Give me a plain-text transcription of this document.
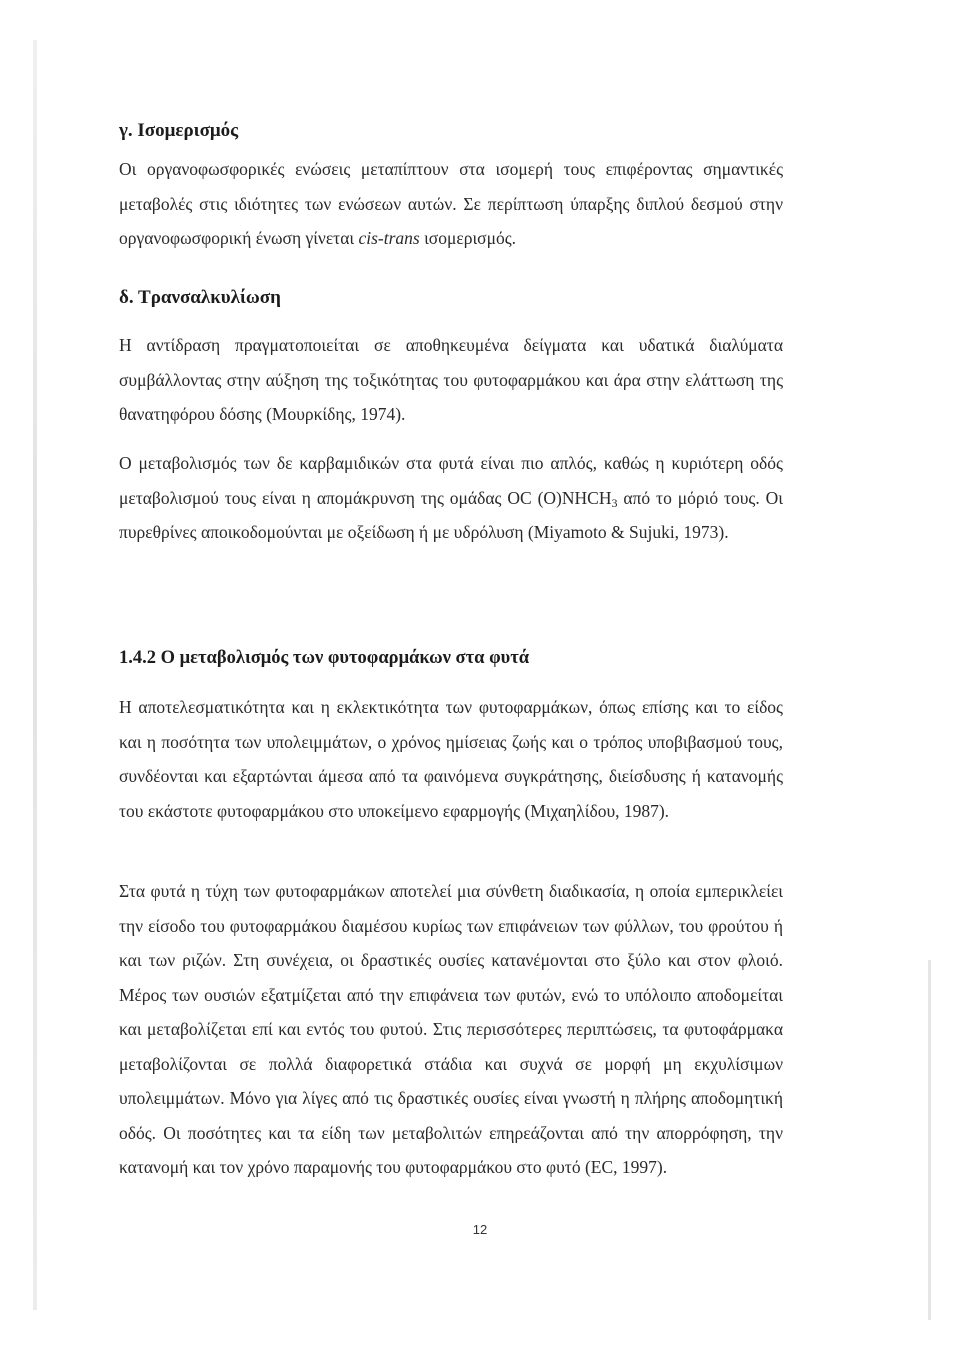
γ. Ισομερισμός

Οι οργανοφωσφορικές ενώσεις μεταπίπτουν στα ισομερή τους επιφέροντας σημαντικές μεταβολές στις ιδιότητες των ενώσεων αυτών. Σε περίπτωση ύπαρξης διπλού δεσμού στην οργανοφωσφορική ένωση γίνεται cis-trans ισομερισμός.

δ. Τρανσαλκυλίωση

Η αντίδραση πραγματοποιείται σε αποθηκευμένα δείγματα και υδατικά διαλύματα συμβάλλοντας στην αύξηση της τοξικότητας του φυτοφαρμάκου και άρα στην ελάττωση της θανατηφόρου δόσης (Μουρκίδης, 1974).

Ο μεταβολισμός των δε καρβαμιδικών στα φυτά είναι πιο απλός, καθώς η κυριότερη οδός μεταβολισμού τους είναι η απομάκρυνση της ομάδας OC $(O)NHCH_3$ από το μόριό τους. Οι πυρεθρίνες αποικοδομούνται με οξείδωση ή με υδρόλυση (Miyamoto & Sujuki, 1973).

1.4.2 Ο μεταβολισμός των φυτοφαρμάκων στα φυτά

Η αποτελεσματικότητα και η εκλεκτικότητα των φυτοφαρμάκων, όπως επίσης και το είδος και η ποσότητα των υπολειμμάτων, ο χρόνος ημίσειας ζωής και ο τρόπος υποβιβασμού τους, συνδέονται και εξαρτώνται άμεσα από τα φαινόμενα συγκράτησης, διείσδυσης ή κατανομής του εκάστοτε φυτοφαρμάκου στο υποκείμενο εφαρμογής (Μιχαηλίδου, 1987).

Στα φυτά η τύχη των φυτοφαρμάκων αποτελεί μια σύνθετη διαδικασία, η οποία εμπερικλείει την είσοδο του φυτοφαρμάκου διαμέσου κυρίως των επιφάνειων των φύλλων, του φρούτου ή και των ριζών. Στη συνέχεια, οι δραστικές ουσίες κατανέμονται στο ξύλο και στον φλοιό. Μέρος των ουσιών εξατμίζεται από την επιφάνεια των φυτών, ενώ το υπόλοιπο αποδομείται και μεταβολίζεται επί και εντός του φυτού. Στις περισσότερες περιπτώσεις, τα φυτοφάρμακα μεταβολίζονται σε πολλά διαφορετικά στάδια και συχνά σε μορφή μη εκχυλίσιμων υπολειμμάτων. Μόνο για λίγες από τις δραστικές ουσίες είναι γνωστή η πλήρης αποδομητική οδός. Οι ποσότητες και τα είδη των μεταβολιτών επηρεάζονται από την απορρόφηση, την κατανομή και τον χρόνο παραμονής του φυτοφαρμάκου στο φυτό (EC, 1997).

12
